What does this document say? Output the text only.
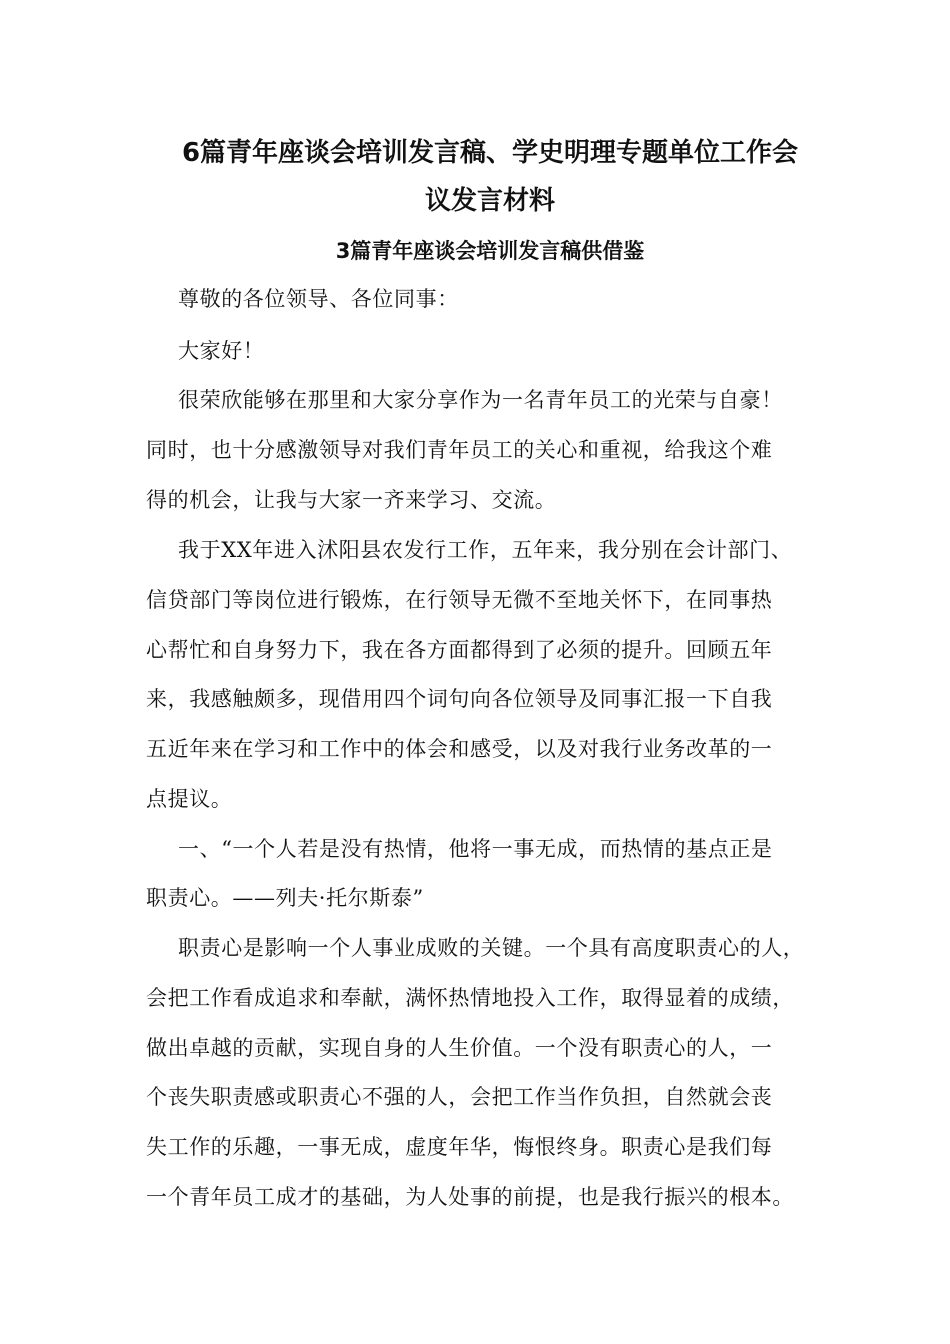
6篇青年座谈会培训发言稿、学史明理专题单位工作会
议发言材料
3篇青年座谈会培训发言稿供借鉴
尊敬的各位领导、各位同事：
大家好！
很荣欣能够在那里和大家分享作为一名青年员工的光荣与自豪！
同时，也十分感激领导对我们青年员工的关心和重视，给我这个难
得的机会，让我与大家一齐来学习、交流。
我于XX年进入沭阳县农发行工作，五年来，我分别在会计部门、
信贷部门等岗位进行锻炼，在行领导无微不至地关怀下，在同事热
心帮忙和自身努力下，我在各方面都得到了必须的提升。回顾五年
来，我感触颇多，现借用四个词句向各位领导及同事汇报一下自我
五近年来在学习和工作中的体会和感受，以及对我行业务改革的一
点提议。
一、“一个人若是没有热情，他将一事无成，而热情的基点正是
职责心。——列夫·托尔斯泰”
职责心是影响一个人事业成败的关键。一个具有高度职责心的人，
会把工作看成追求和奉献，满怀热情地投入工作，取得显着的成绩，
做出卓越的贡献，实现自身的人生价值。一个没有职责心的人，一
个丧失职责感或职责心不强的人，会把工作当作负担，自然就会丧
失工作的乐趣，一事无成，虚度年华，悔恨终身。职责心是我们每
一个青年员工成才的基础，为人处事的前提，也是我行振兴的根本。
